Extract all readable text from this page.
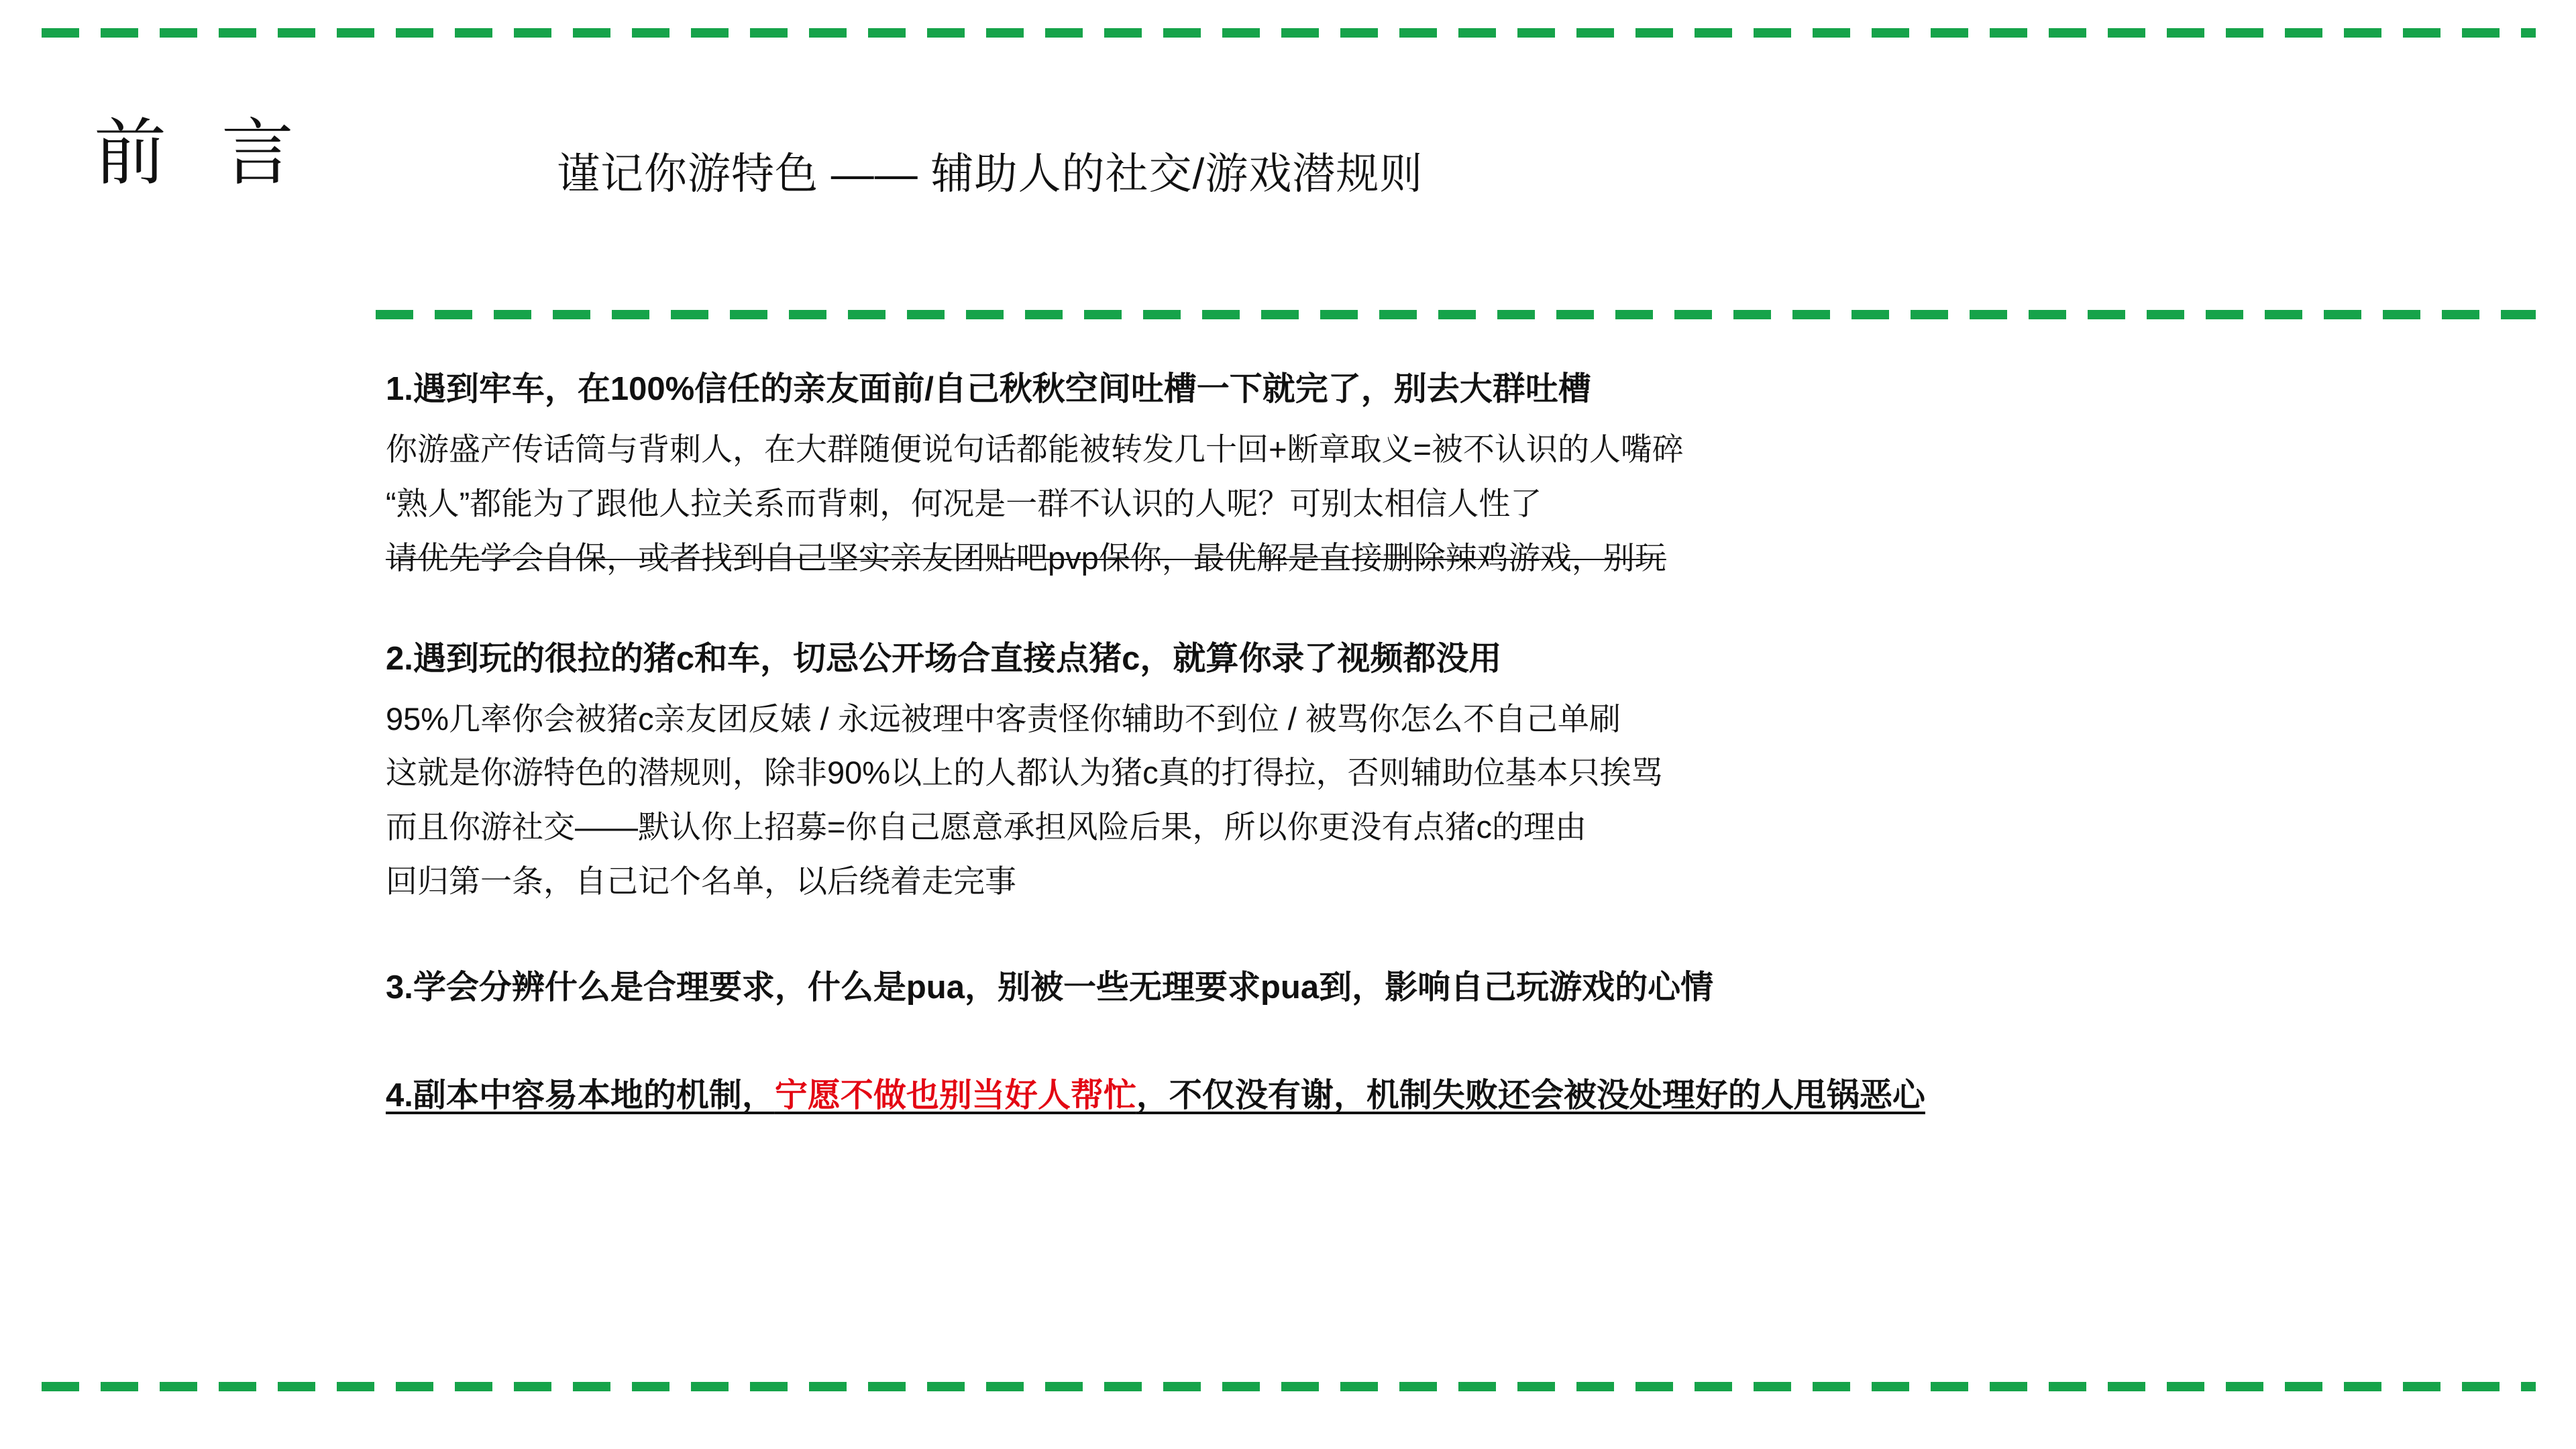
前 言	谨记你游特色 —— 辅助人的社交/游戏潜规则
1.遇到牢车，在100%信任的亲友面前/自己秋秋空间吐槽一下就完了，别去大群吐槽
你游盛产传话筒与背刺人，在大群随便说句话都能被转发几十回+断章取义=被不认识的人嘴碎
“熟人”都能为了跟他人拉关系而背刺，何况是一群不认识的人呢？可别太相信人性了
请优先学会自保，或者找到自己坚实亲友团贴吧pvp保你，最优解是直接删除辣鸡游戏，别玩
2.遇到玩的很拉的猪c和车，切忌公开场合直接点猪c，就算你录了视频都没用
95%几率你会被猪c亲友团反婊 / 永远被理中客责怪你辅助不到位 / 被骂你怎么不自己单刷
这就是你游特色的潜规则，除非90%以上的人都认为猪c真的打得拉，否则辅助位基本只挨骂
而且你游社交——默认你上招募=你自己愿意承担风险后果，所以你更没有点猪c的理由
回归第一条，自己记个名单，以后绕着走完事
3.学会分辨什么是合理要求，什么是pua，别被一些无理要求pua到，影响自己玩游戏的心情
4.副本中容易本地的机制，宁愿不做也别当好人帮忙，不仅没有谢，机制失败还会被没处理好的人甩锅恶心
